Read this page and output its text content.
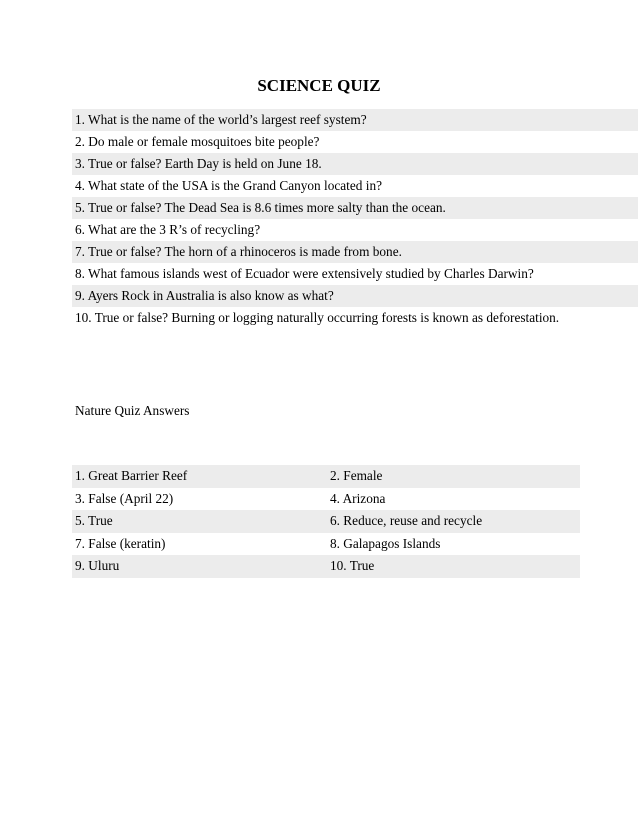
SCIENCE QUIZ
1. What is the name of the world’s largest reef system?
2. Do male or female mosquitoes bite people?
3. True or false? Earth Day is held on June 18.
4. What state of the USA is the Grand Canyon located in?
5. True or false? The Dead Sea is 8.6 times more salty than the ocean.
6. What are the 3 R’s of recycling?
7. True or false? The horn of a rhinoceros is made from bone.
8. What famous islands west of Ecuador were extensively studied by Charles Darwin?
9. Ayers Rock in Australia is also know as what?
10. True or false? Burning or logging naturally occurring forests is known as deforestation.
Nature Quiz Answers
1. Great Barrier Reef	2. Female
3. False (April 22)	4. Arizona
5. True	6. Reduce, reuse and recycle
7. False (keratin)	8. Galapagos Islands
9. Uluru	10. True
